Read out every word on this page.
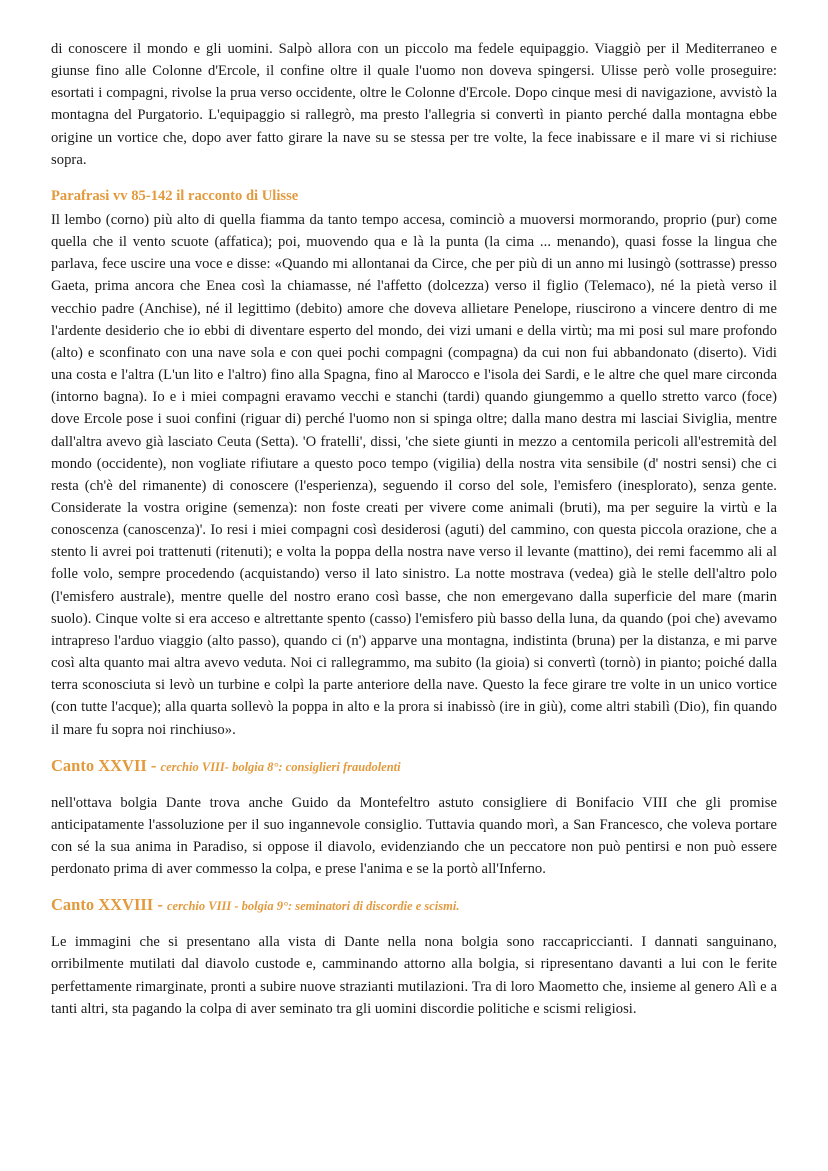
di conoscere il mondo e gli uomini. Salpò allora con un piccolo ma fedele equipaggio. Viaggiò per il Mediterraneo e giunse fino alle Colonne d'Ercole, il confine oltre il quale l'uomo non doveva spingersi. Ulisse però volle proseguire: esortati i compagni, rivolse la prua verso occidente, oltre le Colonne d'Ercole. Dopo cinque mesi di navigazione, avvistò la montagna del Purgatorio. L'equipaggio si rallegrò, ma presto l'allegria si convertì in pianto perché dalla montagna ebbe origine un vortice che, dopo aver fatto girare la nave su se stessa per tre volte, la fece inabissare e il mare vi si richiuse sopra.

Parafrasi vv 85-142 il racconto di Ulisse

Il lembo (corno) più alto di quella fiamma da tanto tempo accesa, cominciò a muoversi mormorando, proprio (pur) come quella che il vento scuote (affatica); poi, muovendo qua e là la punta (la cima ... menando), quasi fosse la lingua che parlava, fece uscire una voce e disse: «Quando mi allontanai da Circe, che per più di un anno mi lusingò (sottrasse) presso Gaeta, prima ancora che Enea così la chiamasse, né l'affetto (dolcezza) verso il figlio (Telemaco), né la pietà verso il vecchio padre (Anchise), né il legittimo (debito) amore che doveva allietare Penelope, riuscirono a vincere dentro di me l'ardente desiderio che io ebbi di diventare esperto del mondo, dei vizi umani e della virtù; ma mi posi sul mare profondo (alto) e sconfinato con una nave sola e con quei pochi compagni (compagna) da cui non fui abbandonato (diserto). Vidi una costa e l'altra (L'un lito e l'altro) fino alla Spagna, fino al Marocco e l'isola dei Sardi, e le altre che quel mare circonda (intorno bagna). Io e i miei compagni eravamo vecchi e stanchi (tardi) quando giungemmo a quello stretto varco (foce) dove Ercole pose i suoi confini (riguar di) perché l'uomo non si spinga oltre; dalla mano destra mi lasciai Siviglia, mentre dall'altra avevo già lasciato Ceuta (Setta). 'O fratelli', dissi, 'che siete giunti in mezzo a centomila pericoli all'estremità del mondo (occidente), non vogliate rifiutare a questo poco tempo (vigilia) della nostra vita sensibile (d' nostri sensi) che ci resta (ch'è del rimanente) di conoscere (l'esperienza), seguendo il corso del sole, l'emisfero (inesplorato), senza gente. Considerate la vostra origine (semenza): non foste creati per vivere come animali (bruti), ma per seguire la virtù e la conoscenza (canoscenza)'. Io resi i miei compagni così desiderosi (aguti) del cammino, con questa piccola orazione, che a stento li avrei poi trattenuti (ritenuti); e volta la poppa della nostra nave verso il levante (mattino), dei remi facemmo ali al folle volo, sempre procedendo (acquistando) verso il lato sinistro. La notte mostrava (vedea) già le stelle dell'altro polo (l'emisfero australe), mentre quelle del nostro erano così basse, che non emergevano dalla superficie del mare (marin suolo). Cinque volte si era acceso e altrettante spento (casso) l'emisfero più basso della luna, da quando (poi che) avevamo intrapreso l'arduo viaggio (alto passo), quando ci (n') apparve una montagna, indistinta (bruna) per la distanza, e mi parve così alta quanto mai altra avevo veduta. Noi ci rallegrammo, ma subito (la gioia) si convertì (tornò) in pianto; poiché dalla terra sconosciuta si levò un turbine e colpì la parte anteriore della nave. Questo la fece girare tre volte in un unico vortice (con tutte l'acque); alla quarta sollevò la poppa in alto e la prora si inabissò (ire in giù), come altri stabilì (Dio), fin quando il mare fu sopra noi rinchiuso».

Canto XXVII - cerchio VIII- bolgia 8°: consiglieri fraudolenti

nell'ottava bolgia Dante trova anche Guido da Montefeltro astuto consigliere di Bonifacio VIII che gli promise anticipatamente l'assoluzione per il suo ingannevole consiglio. Tuttavia quando morì, a San Francesco, che voleva portare con sé la sua anima in Paradiso, si oppose il diavolo, evidenziando che un peccatore non può pentirsi e non può essere perdonato prima di aver commesso la colpa, e prese l'anima e se la portò all'Inferno.

Canto XXVIII - cerchio VIII - bolgia 9°: seminatori di discordie e scismi.

Le immagini che si presentano alla vista di Dante nella nona bolgia sono raccapriccianti. I dannati sanguinano, orribilmente mutilati dal diavolo custode e, camminando attorno alla bolgia, si ripresentano davanti a lui con le ferite perfettamente rimarginate, pronti a subire nuove strazianti mutilazioni. Tra di loro Maometto che, insieme al genero Alì e a tanti altri, sta pagando la colpa di aver seminato tra gli uomini discordie politiche e scismi religiosi.
